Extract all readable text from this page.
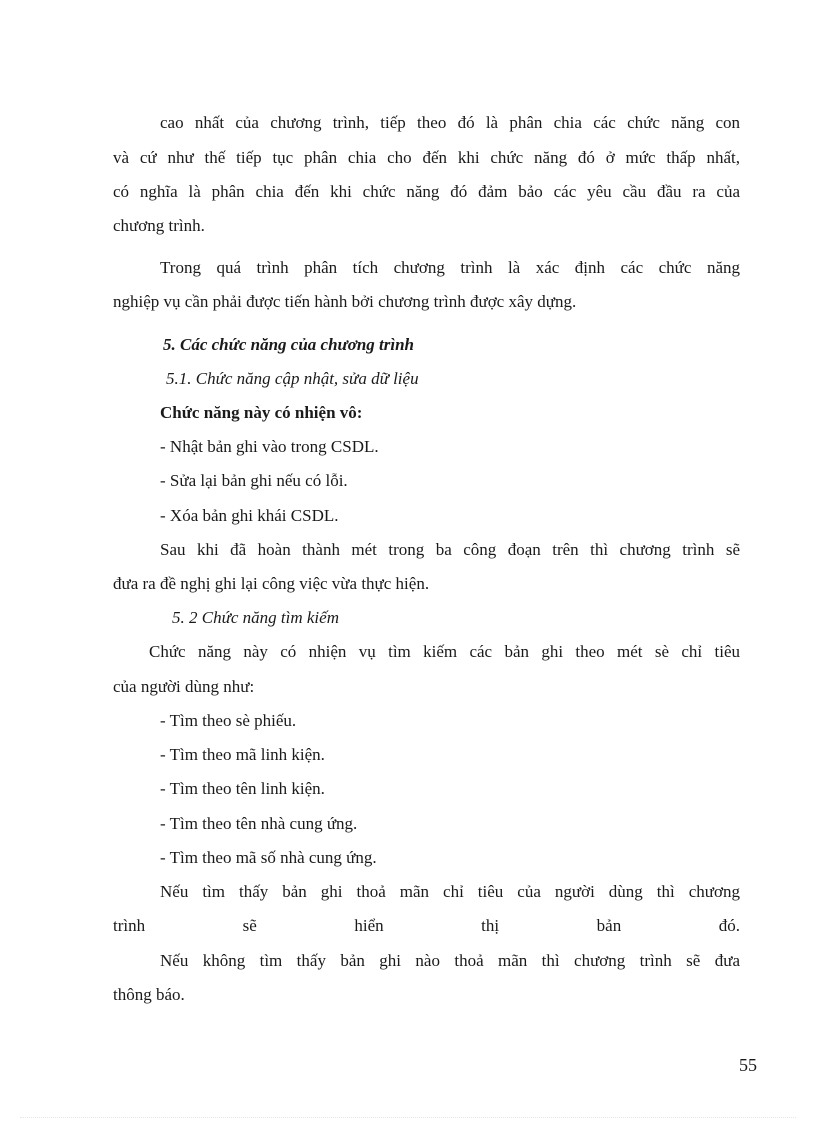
cao nhất của chương trình, tiếp theo đó là phân chia các chức năng con
và cứ như thế tiếp tục phân chia cho đến khi chức năng đó ở mức thấp nhất,
có nghĩa là phân chia đến khi chức năng đó đảm bảo các yêu cầu đầu ra của
chương trình.
Trong quá trình phân tích chương trình là xác định các chức năng
nghiệp vụ cần phải được tiến hành bởi chương trình được xây dựng.
5. Các chức năng của chương trình
5.1. Chức năng cập nhật, sửa dữ liệu
Chức năng này có nhiện vô:
- Nhật bản ghi vào trong CSDL.
- Sửa lại bản ghi nếu có lỗi.
- Xóa bản ghi khái CSDL.
Sau khi đã hoàn thành mét trong ba công đoạn trên thì chương trình sẽ
đưa ra đề nghị ghi lại công việc vừa thực hiện.
5. 2 Chức năng tìm kiếm
Chức năng này có nhiện vụ tìm kiếm các bản ghi theo mét sè chỉ tiêu
của người dùng như:
- Tìm theo sè phiếu.
- Tìm theo mã linh kiện.
- Tìm theo tên linh kiện.
- Tìm theo tên nhà cung ứng.
- Tìm theo mã số nhà cung ứng.
Nếu tìm thấy bản ghi thoả mãn chỉ tiêu của người dùng thì chương
trình sẽ hiển thị bản đó.
Nếu không tìm thấy bản ghi nào thoả mãn thì chương trình sẽ đưa
thông báo.
55
